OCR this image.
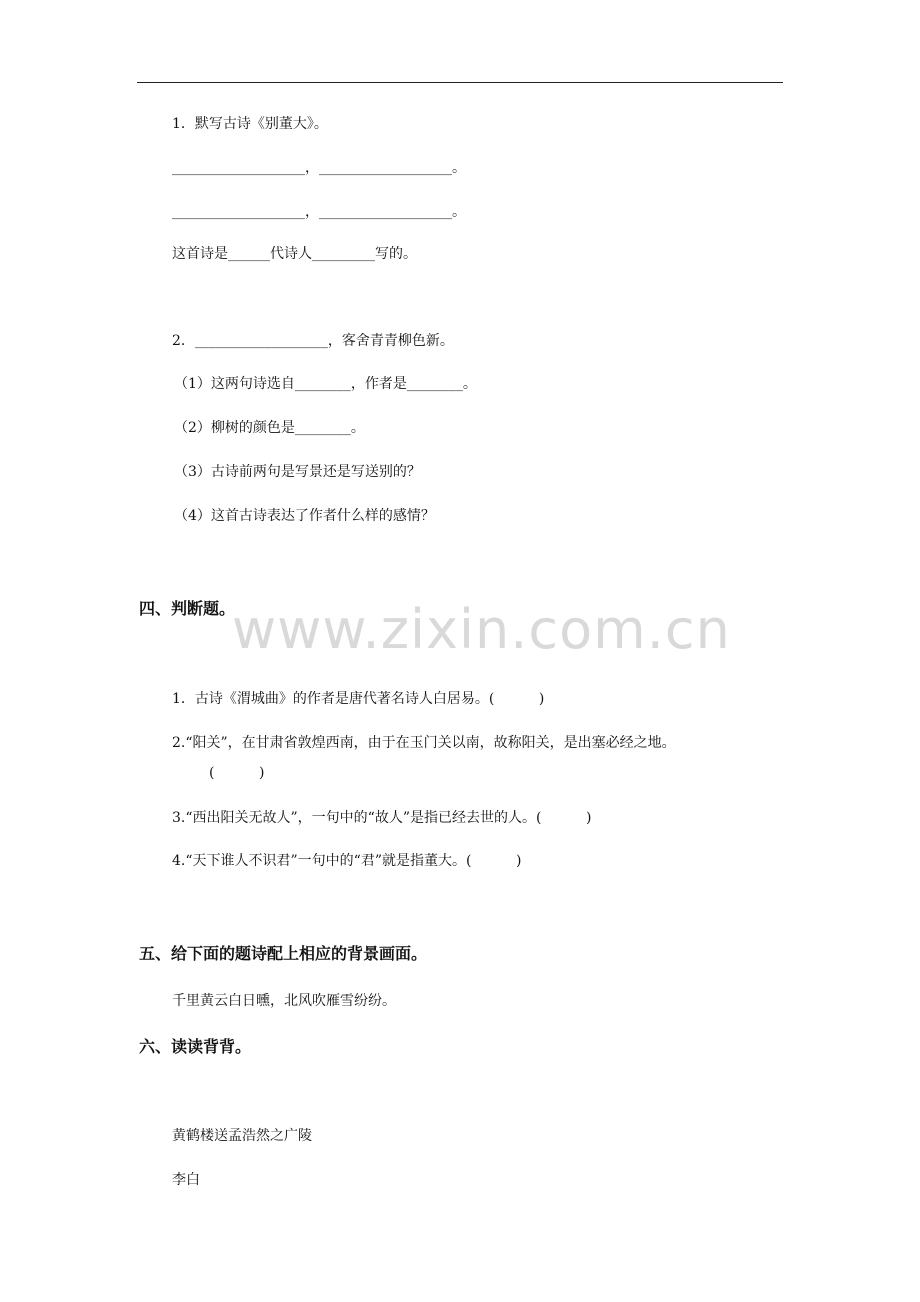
www.zixin.com.cn
1．默写古诗《别董大》。
___________________，___________________。
___________________，___________________。
这首诗是______代诗人_________写的。
2．___________________，客舍青青柳色新。
（1）这两句诗选自________，作者是________。
（2）柳树的颜色是________。
（3）古诗前两句是写景还是写送别的？
（4）这首古诗表达了作者什么样的感情？
四、判断题。
1．古诗《渭城曲》的作者是唐代著名诗人白居易。(          )
2.“阳关”，在甘肃省敦煌西南，由于在玉门关以南，故称阳关，是出塞必经之地。
(          )
3.“西出阳关无故人”，一句中的“故人”是指已经去世的人。(          )
4.“天下谁人不识君”一句中的“君”就是指董大。(          )
五、给下面的题诗配上相应的背景画面。
千里黄云白日曛，北风吹雁雪纷纷。
六、读读背背。
黄鹤楼送孟浩然之广陵
李白
